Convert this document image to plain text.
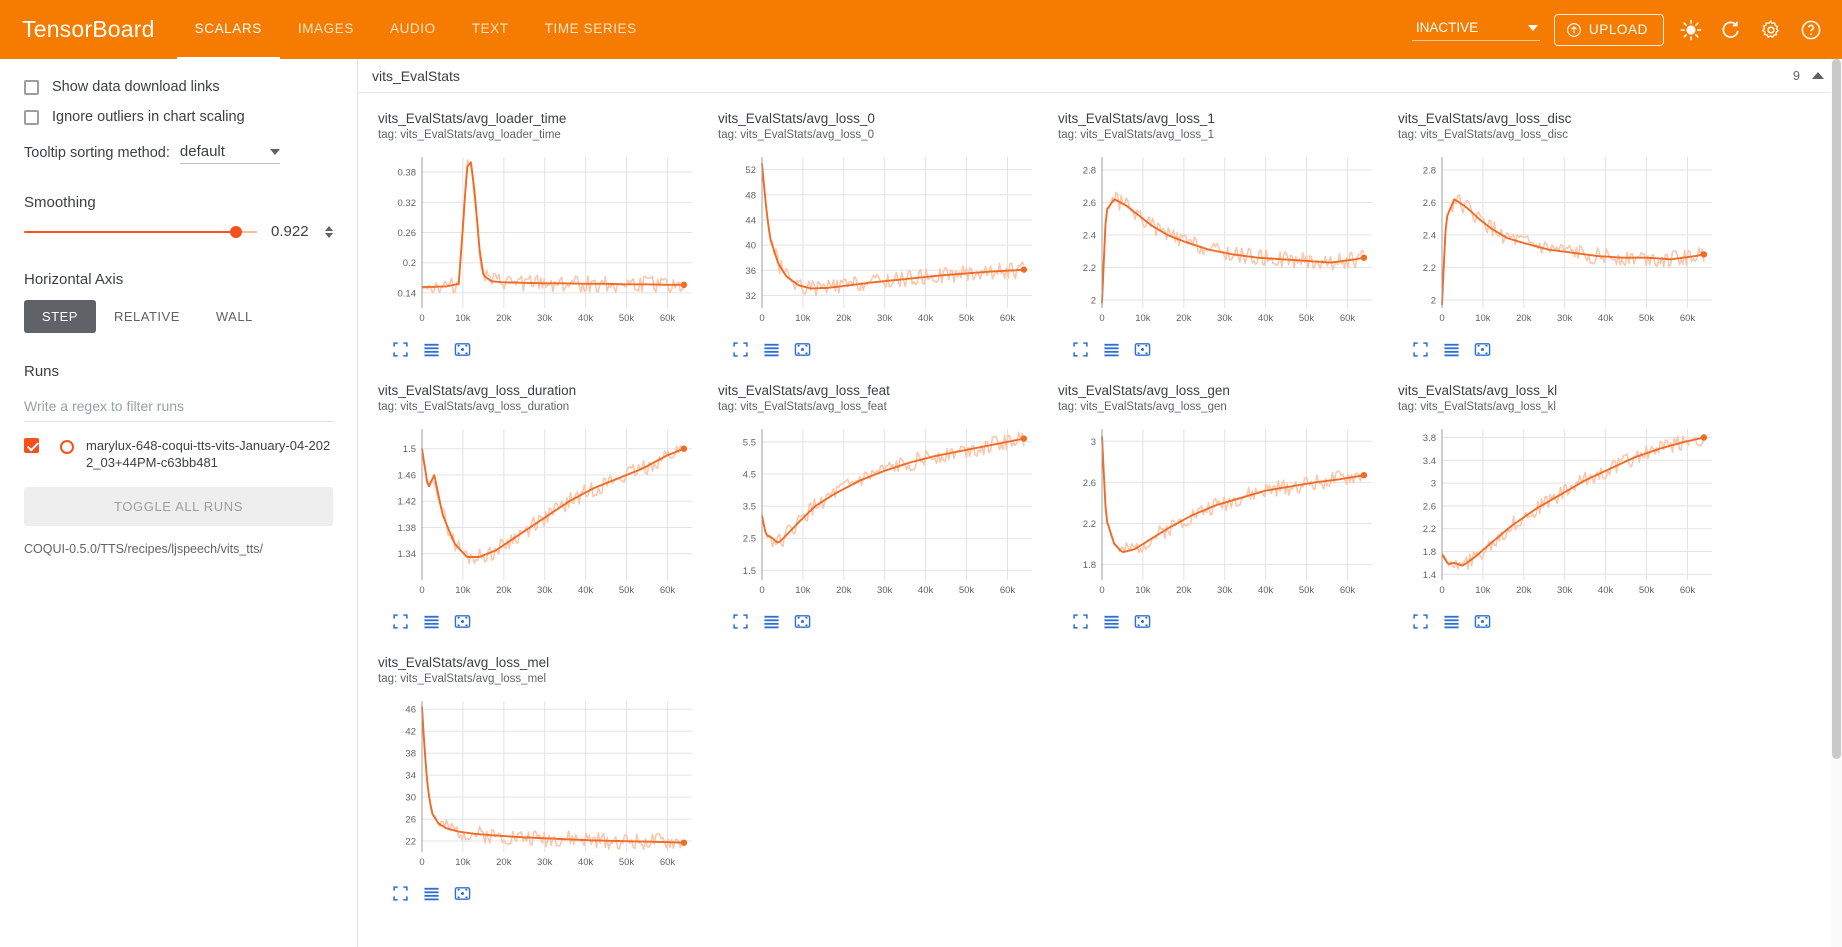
TensorBoard	SCALARS	IMAGES	AUDIO	TEXT	TIME SERIES	INACTIVE	UPLOAD
Show data download links
Ignore outliers in chart scaling
Tooltip sorting method: default
Smoothing
0.922
Horizontal Axis
STEP	RELATIVE	WALL
Runs
Write a regex to filter runs
marylux-648-coqui-tts-vits-January-04-2022_03+44PM-c63bb481
TOGGLE ALL RUNS
COQUI-0.5.0/TTS/recipes/ljspeech/vits_tts/
vits_EvalStats	9
vits_EvalStats/avg_loader_time
tag: vits_EvalStats/avg_loader_time
0.14
0.2
0.26
0.32
0.38
0	10k	20k	30k	40k	50k	60k
vits_EvalStats/avg_loss_0
tag: vits_EvalStats/avg_loss_0
32
36
40
44
48
52
0	10k	20k	30k	40k	50k	60k
vits_EvalStats/avg_loss_1
tag: vits_EvalStats/avg_loss_1
2
2.2
2.4
2.6
2.8
0	10k	20k	30k	40k	50k	60k
vits_EvalStats/avg_loss_disc
tag: vits_EvalStats/avg_loss_disc
2
2.2
2.4
2.6
2.8
0	10k	20k	30k	40k	50k	60k
vits_EvalStats/avg_loss_duration
tag: vits_EvalStats/avg_loss_duration
1.34
1.38
1.42
1.46
1.5
0	10k	20k	30k	40k	50k	60k
vits_EvalStats/avg_loss_feat
tag: vits_EvalStats/avg_loss_feat
1.5
2.5
3.5
4.5
5.5
0	10k	20k	30k	40k	50k	60k
vits_EvalStats/avg_loss_gen
tag: vits_EvalStats/avg_loss_gen
1.8
2.2
2.6
3
0	10k	20k	30k	40k	50k	60k
vits_EvalStats/avg_loss_kl
tag: vits_EvalStats/avg_loss_kl
1.4
1.8
2.2
2.6
3
3.4
3.8
0	10k	20k	30k	40k	50k	60k
vits_EvalStats/avg_loss_mel
tag: vits_EvalStats/avg_loss_mel
22
26
30
34
38
42
46
0	10k	20k	30k	40k	50k	60k
